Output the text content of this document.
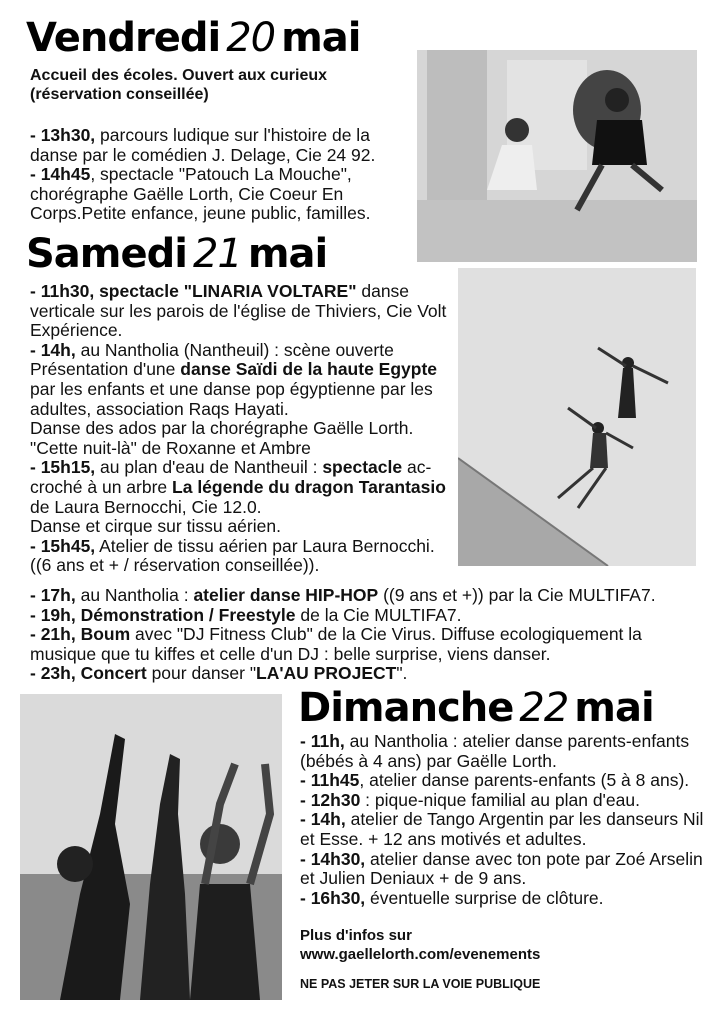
Vendredi 20 mai

Accueil des écoles. Ouvert aux curieux

(réservation conseillée)

- 13h30, parcours ludique sur l'histoire de la danse par le comédien J. Delage, Cie 24 92.

- 14h45, spectacle "Patouch La Mouche", chorégraphe Gaëlle Lorth, Cie Coeur En Corps.Petite enfance, jeune public, familles.

Samedi 21 mai

- 11h30, spectacle "LINARIA VOLTARE" danse verticale sur les parois de l'église de Thiviers, Cie Volt Expérience.

- 14h, au Nantholia (Nantheuil) : scène ouverte Présentation d'une danse Saïdi de la haute Egypte par les enfants et une danse pop égyptienne par les adultes, association Raqs Hayati.

Danse des ados par la chorégraphe Gaëlle Lorth.

"Cette nuit-là" de Roxanne et Ambre

- 15h15, au plan d'eau de Nantheuil : spectacle ac-croché à un arbre La légende du dragon Tarantasio de Laura Bernocchi, Cie 12.0.

Danse et cirque sur tissu aérien.

- 15h45, Atelier de tissu aérien par Laura Bernocchi.

((6 ans et + / réservation conseillée)).

- 17h, au Nantholia : atelier danse HIP-HOP ((9 ans et +)) par la Cie MULTIFA7.

- 19h, Démonstration / Freestyle de la Cie MULTIFA7.

- 21h, Boum avec "DJ Fitness Club" de la Cie Virus. Diffuse ecologiquement la musique que tu kiffes et celle d'un DJ : belle surprise, viens danser.

- 23h, Concert pour danser "LA'AU PROJECT".

Dimanche 22 mai

- 11h, au Nantholia : atelier danse parents-enfants (bébés à 4 ans) par Gaëlle Lorth.

- 11h45, atelier danse parents-enfants (5 à 8 ans).

- 12h30 : pique-nique familial au plan d'eau.

- 14h, atelier de Tango Argentin par les danseurs Nil et Esse. + 12 ans motivés et adultes.

- 14h30, atelier danse avec ton pote par Zoé Arselin et Julien Deniaux + de 9 ans.

- 16h30, éventuelle surprise de clôture.

Plus d'infos sur
www.gaellelorth.com/evenements
NE PAS JETER SUR LA VOIE PUBLIQUE
